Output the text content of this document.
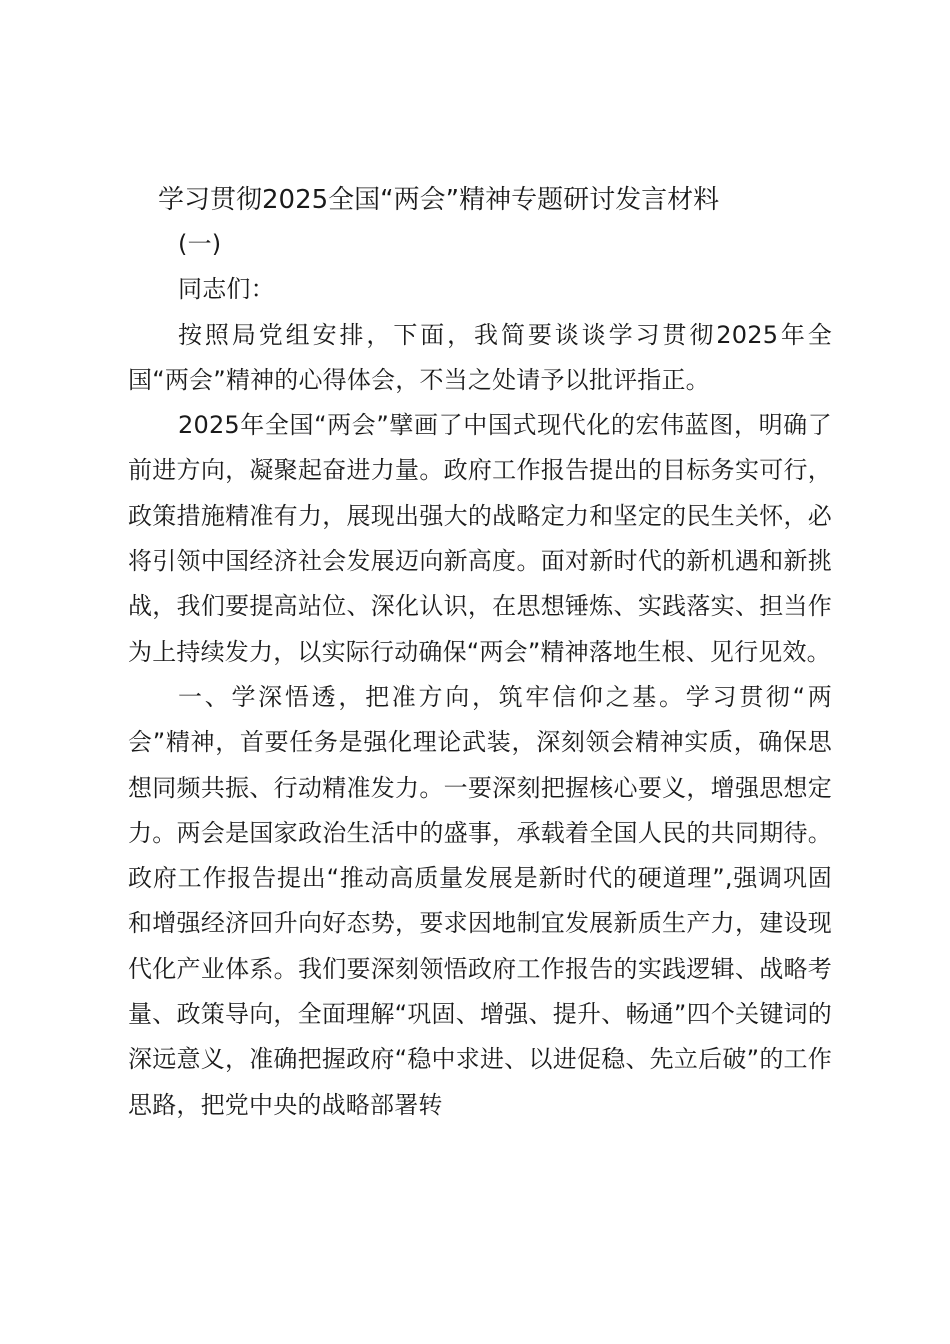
学习贯彻2025全国“两会”精神专题研讨发言材料

(一)

同志们：

按照局党组安排，下面，我简要谈谈学习贯彻2025年全国“两会”精神的心得体会，不当之处请予以批评指正。

2025年全国“两会”擘画了中国式现代化的宏伟蓝图，明确了前进方向，凝聚起奋进力量。政府工作报告提出的目标务实可行，政策措施精准有力，展现出强大的战略定力和坚定的民生关怀，必将引领中国经济社会发展迈向新高度。面对新时代的新机遇和新挑战，我们要提高站位、深化认识，在思想锤炼、实践落实、担当作为上持续发力，以实际行动确保“两会”精神落地生根、见行见效。

一、学深悟透，把准方向，筑牢信仰之基。学习贯彻“两会”精神，首要任务是强化理论武装，深刻领会精神实质，确保思想同频共振、行动精准发力。一要深刻把握核心要义，增强思想定力。两会是国家政治生活中的盛事，承载着全国人民的共同期待。政府工作报告提出“推动高质量发展是新时代的硬道理”,强调巩固和增强经济回升向好态势，要求因地制宜发展新质生产力，建设现代化产业体系。我们要深刻领悟政府工作报告的实践逻辑、战略考量、政策导向，全面理解“巩固、增强、提升、畅通”四个关键词的深远意义，准确把握政府“稳中求进、以进促稳、先立后破”的工作思路，把党中央的战略部署转
